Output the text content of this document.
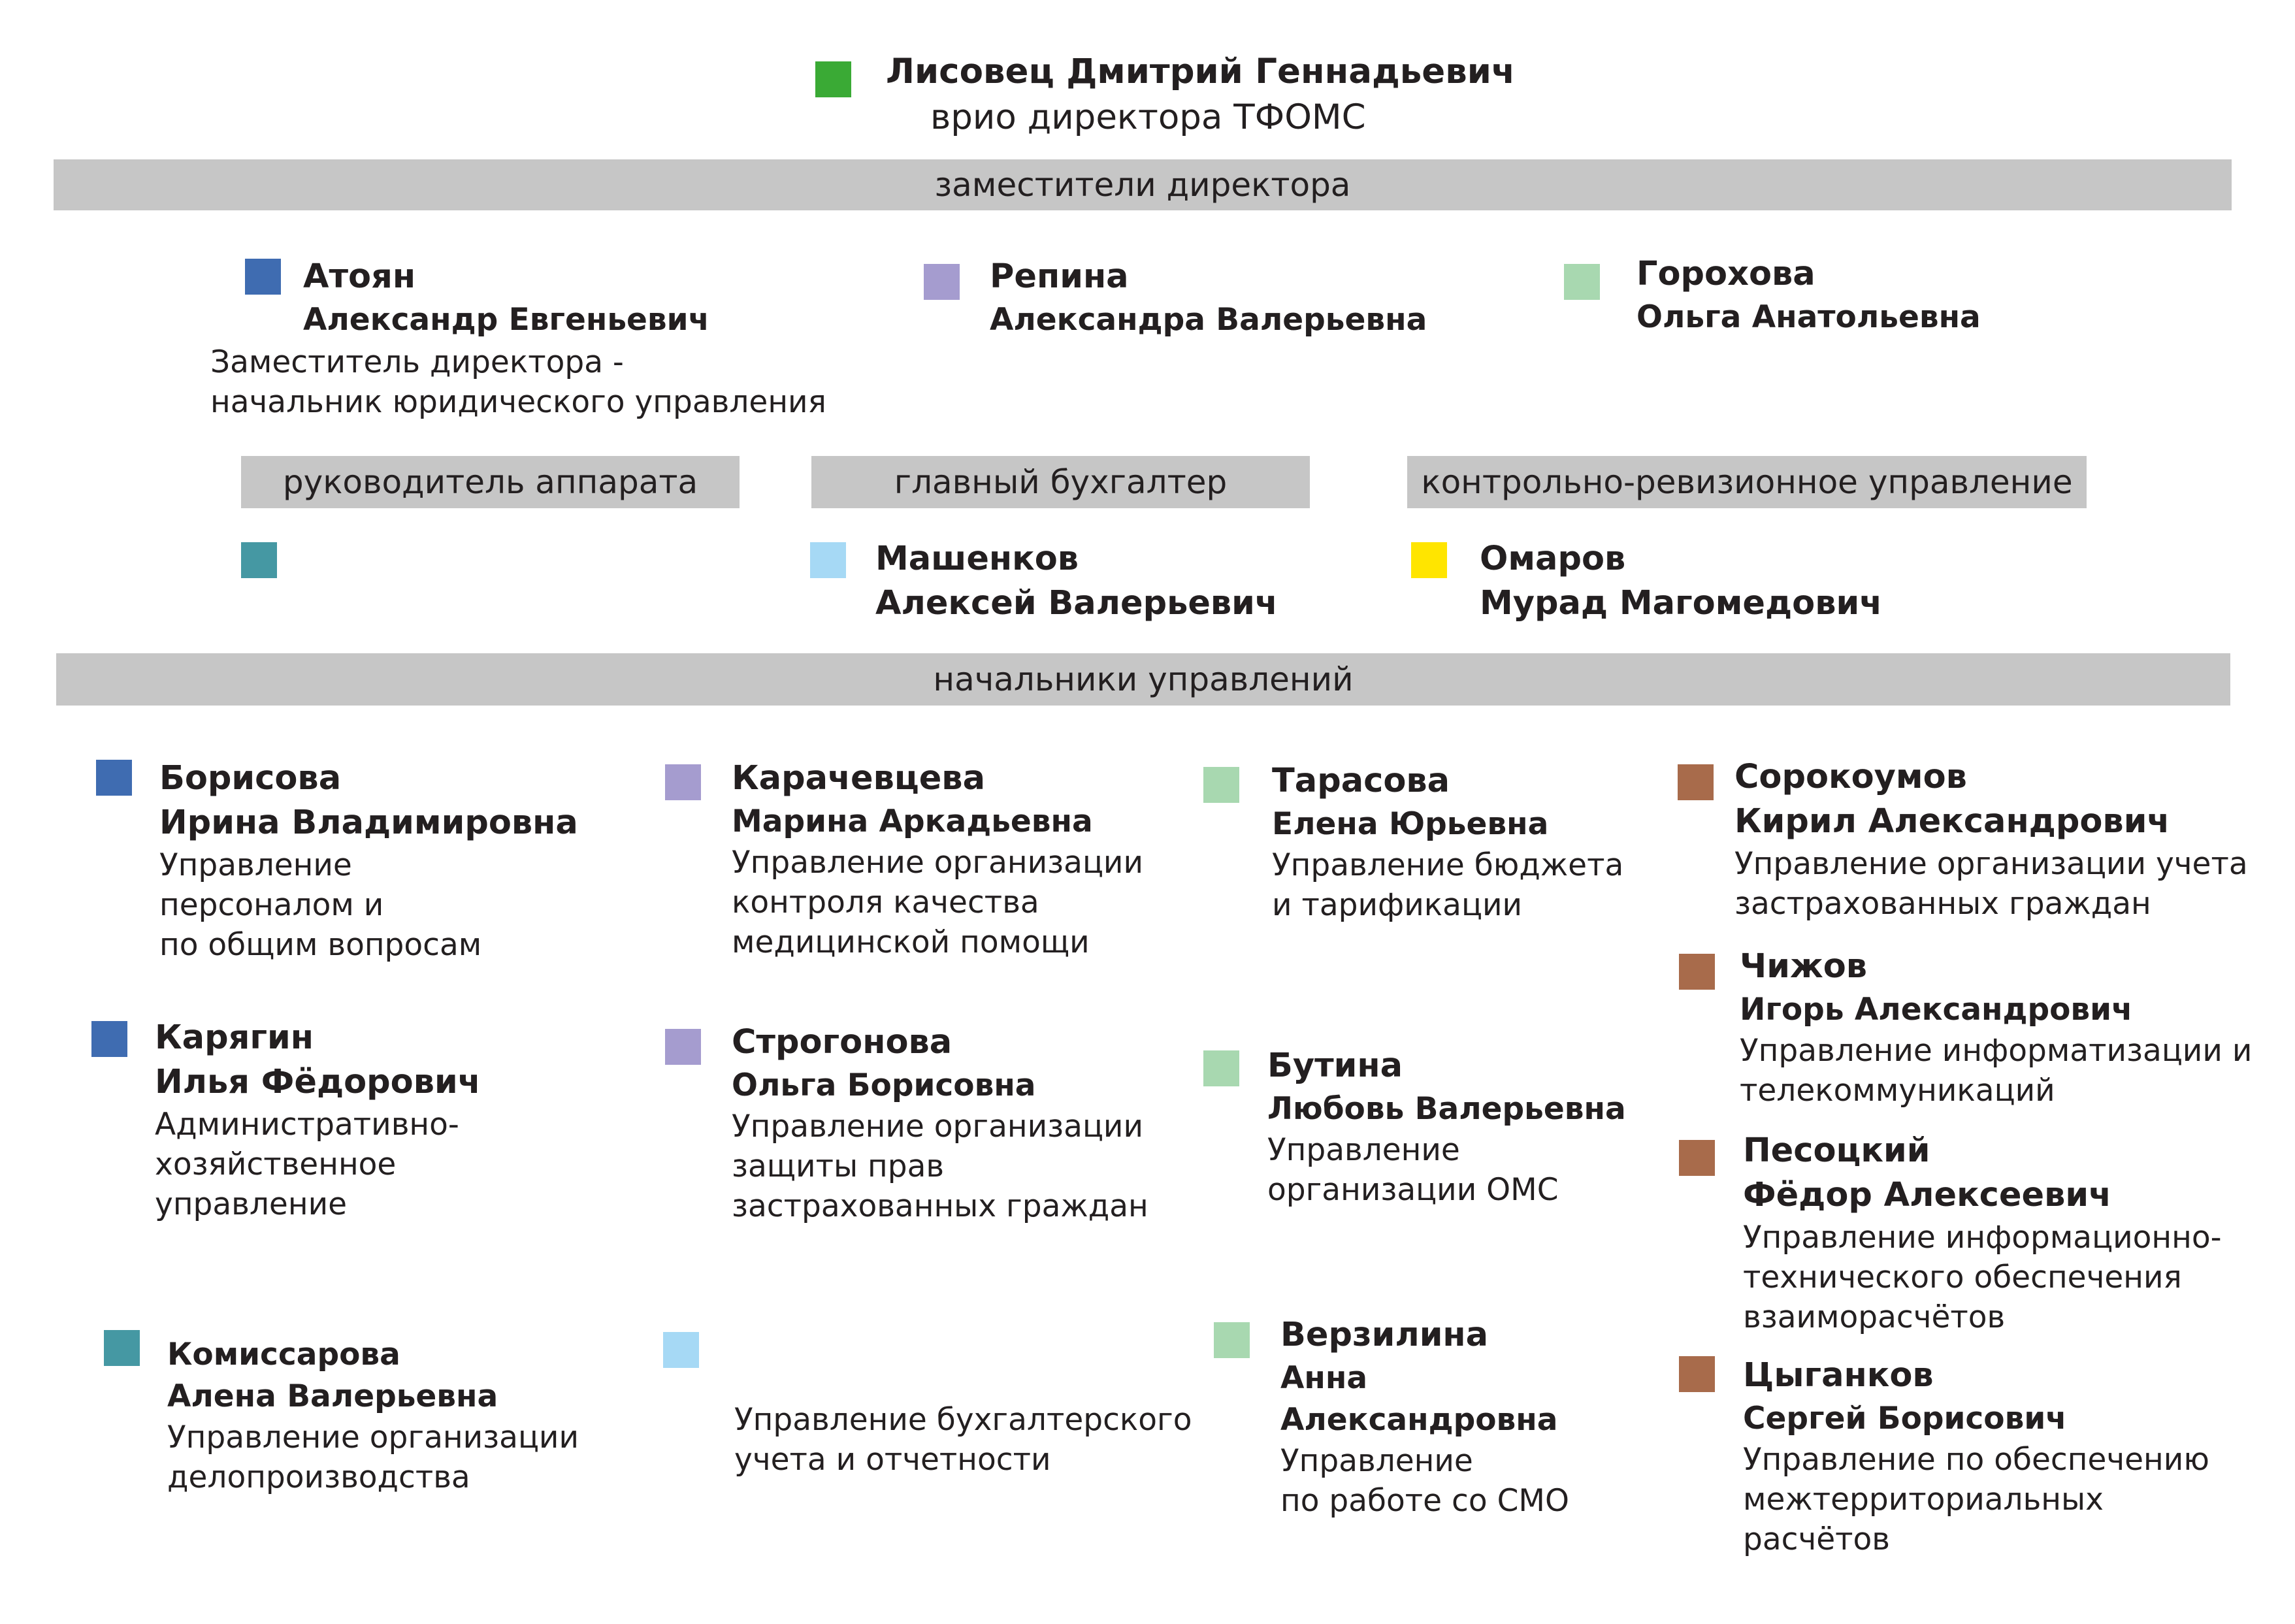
Лисовец Дмитрий Геннадьевич
врио директора ТФОМС
заместители директора
Атоян
Александр Евгеньевич
Заместитель директора -
начальник юридического управления
Репина
Александра Валерьевна
Горохова
Ольга Анатольевна
руководитель аппарата	главный бухгалтер	контрольно-ревизионное управление
Машенков
Алексей Валерьевич
Омаров
Мурад Магомедович
начальники управлений
Борисова
Ирина Владимировна
Управление
персоналом и
по общим вопросам
Карягин
Илья Фёдорович
Административно-
хозяйственное
управление
Комиссарова
Алена Валерьевна
Управление организации
делопроизводства
Карачевцева
Марина Аркадьевна
Управление организации
контроля качества
медицинской помощи
Строгонова
Ольга Борисовна
Управление организации
защиты прав
застрахованных граждан
Управление бухгалтерского
учета и отчетности
Тарасова
Елена Юрьевна
Управление бюджета
и тарификации
Бутина
Любовь Валерьевна
Управление
организации ОМС
Верзилина
Анна
Александровна
Управление
по работе со СМО
Сорокоумов
Кирил Александрович
Управление организации учета
застрахованных граждан
Чижов
Игорь Александрович
Управление информатизации и
телекоммуникаций
Песоцкий
Фёдор Алексеевич
Управление информационно-
технического обеспечения
взаиморасчётов
Цыганков
Сергей Борисович
Управление по обеспечению
межтерриториальных
расчётов
